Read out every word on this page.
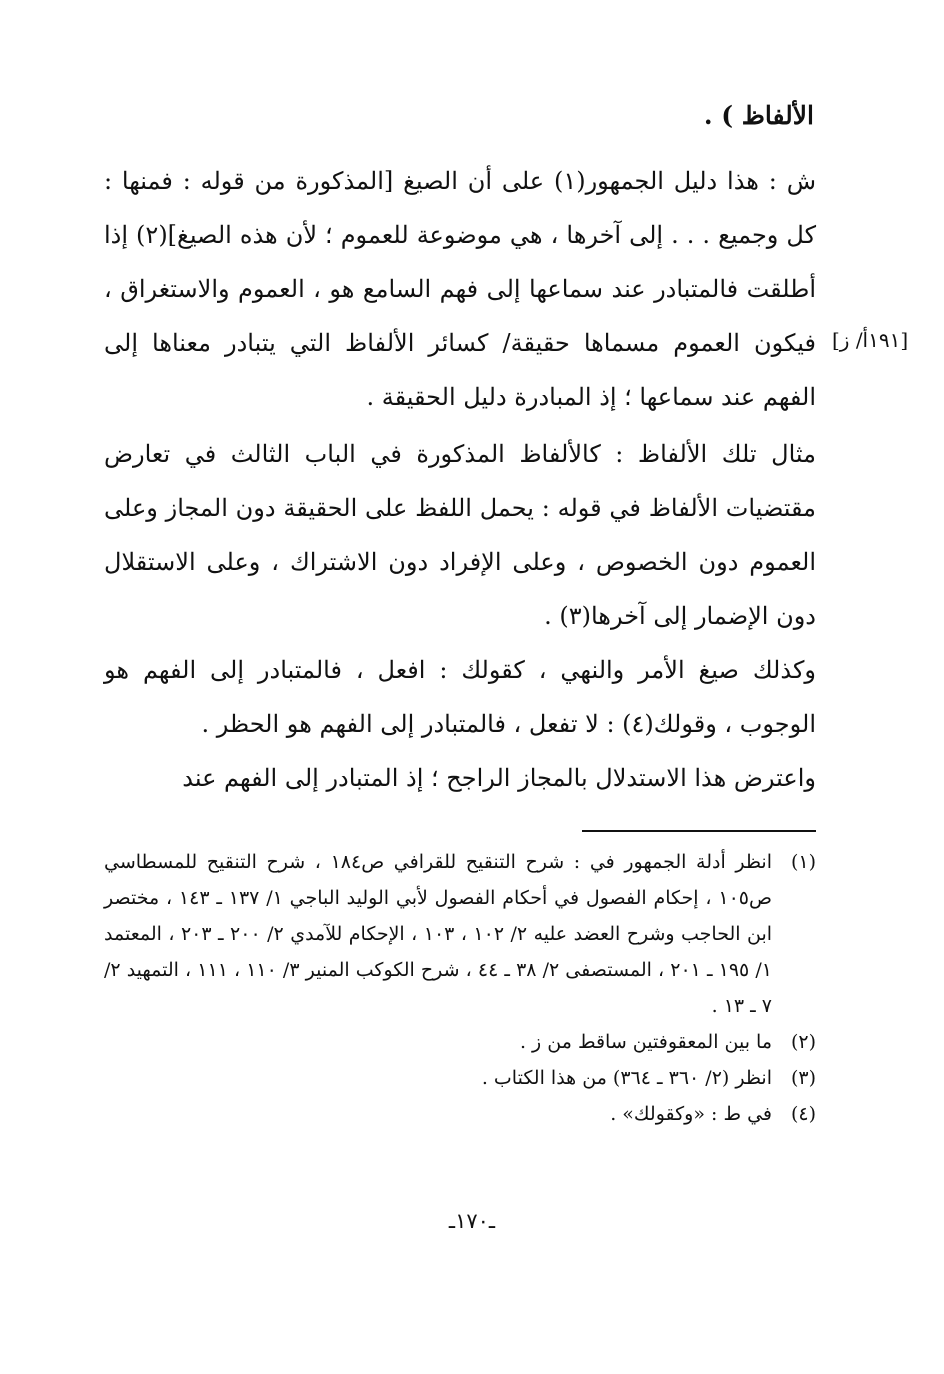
الألفاظ ) .
[١٩١أ/ ز]

ش : هذا دليل الجمهور(١) على أن الصيغ [المذكورة من قوله : فمنها : كل وجميع . . . إلى آخرها ، هي موضوعة للعموم ؛ لأن هذه الصيغ](٢) إذا أطلقت فالمتبادر عند سماعها إلى فهم السامع هو ، العموم والاستغراق ، فيكون العموم مسماها حقيقة/ كسائر الألفاظ التي يتبادر معناها إلى الفهم عند سماعها ؛ إذ المبادرة دليل الحقيقة .

مثال تلك الألفاظ : كالألفاظ المذكورة في الباب الثالث في تعارض مقتضيات الألفاظ في قوله : يحمل اللفظ على الحقيقة دون المجاز وعلى العموم دون الخصوص ، وعلى الإفراد دون الاشتراك ، وعلى الاستقلال دون الإضمار إلى آخرها(٣) .

وكذلك صيغ الأمر والنهي ، كقولك : افعل ، فالمتبادر إلى الفهم هو الوجوب ، وقولك(٤) : لا تفعل ، فالمتبادر إلى الفهم هو الحظر .

واعترض هذا الاستدلال بالمجاز الراجح ؛ إذ المتبادر إلى الفهم عند

(١)
انظر أدلة الجمهور في : شرح التنقيح للقرافي ص١٨٤ ، شرح التنقيح للمسطاسي ص١٠٥ ، إحكام الفصول في أحكام الفصول لأبي الوليد الباجي ١/ ١٣٧ ـ ١٤٣ ، مختصر ابن الحاجب وشرح العضد عليه ٢/ ١٠٢ ، ١٠٣ ، الإحكام للآمدي ٢/ ٢٠٠ ـ ٢٠٣ ، المعتمد ١/ ١٩٥ ـ ٢٠١ ، المستصفى ٢/ ٣٨ ـ ٤٤ ، شرح الكوكب المنير ٣/ ١١٠ ، ١١١ ، التمهيد ٢/ ٧ ـ ١٣ .
(٢)
ما بين المعقوفتين ساقط من ز .
(٣)
انظر (٢/ ٣٦٠ ـ ٣٦٤) من هذا الكتاب .
(٤)
في ط : «وكقولك» .
ـ١٧٠ـ
